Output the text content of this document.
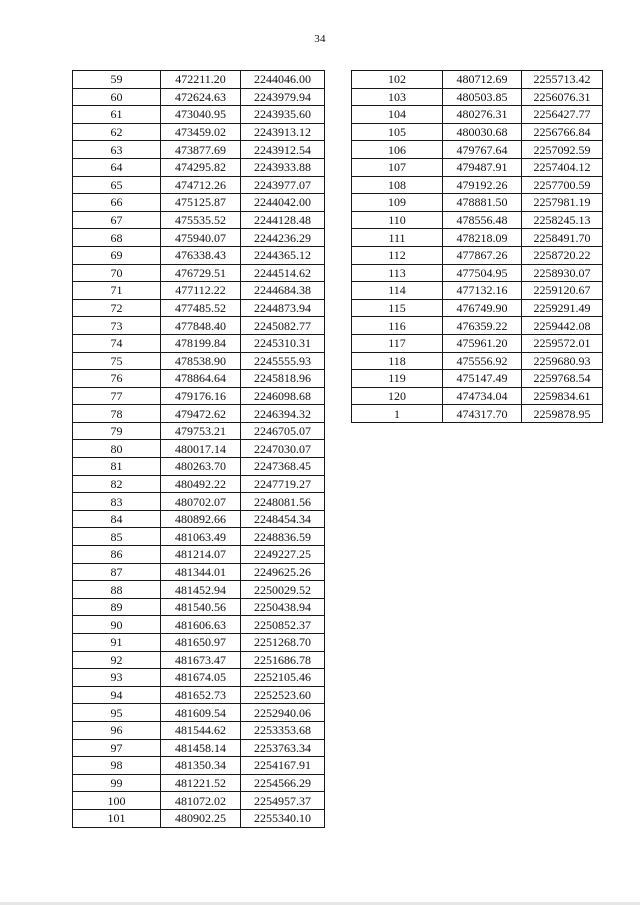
34
59	472211.20	2244046.00
60	472624.63	2243979.94
61	473040.95	2243935.60
62	473459.02	2243913.12
63	473877.69	2243912.54
64	474295.82	2243933.88
65	474712.26	2243977.07
66	475125.87	2244042.00
67	475535.52	2244128.48
68	475940.07	2244236.29
69	476338.43	2244365.12
70	476729.51	2244514.62
71	477112.22	2244684.38
72	477485.52	2244873.94
73	477848.40	2245082.77
74	478199.84	2245310.31
75	478538.90	2245555.93
76	478864.64	2245818.96
77	479176.16	2246098.68
78	479472.62	2246394.32
79	479753.21	2246705.07
80	480017.14	2247030.07
81	480263.70	2247368.45
82	480492.22	2247719.27
83	480702.07	2248081.56
84	480892.66	2248454.34
85	481063.49	2248836.59
86	481214.07	2249227.25
87	481344.01	2249625.26
88	481452.94	2250029.52
89	481540.56	2250438.94
90	481606.63	2250852.37
91	481650.97	2251268.70
92	481673.47	2251686.78
93	481674.05	2252105.46
94	481652.73	2252523.60
95	481609.54	2252940.06
96	481544.62	2253353.68
97	481458.14	2253763.34
98	481350.34	2254167.91
99	481221.52	2254566.29
100	481072.02	2254957.37
101	480902.25	2255340.10
102	480712.69	2255713.42
103	480503.85	2256076.31
104	480276.31	2256427.77
105	480030.68	2256766.84
106	479767.64	2257092.59
107	479487.91	2257404.12
108	479192.26	2257700.59
109	478881.50	2257981.19
110	478556.48	2258245.13
111	478218.09	2258491.70
112	477867.26	2258720.22
113	477504.95	2258930.07
114	477132.16	2259120.67
115	476749.90	2259291.49
116	476359.22	2259442.08
117	475961.20	2259572.01
118	475556.92	2259680.93
119	475147.49	2259768.54
120	474734.04	2259834.61
1	474317.70	2259878.95
